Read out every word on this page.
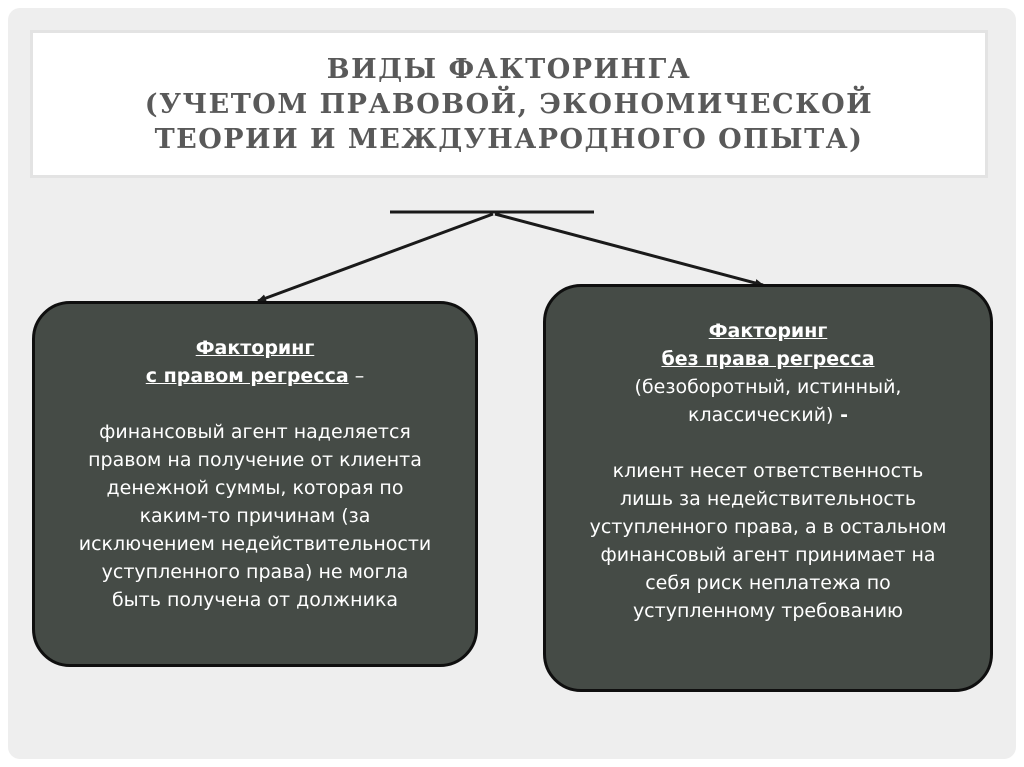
ВИДЫ ФАКТОРИНГА
(УЧЕТОМ ПРАВОВОЙ, ЭКОНОМИЧЕСКОЙ
ТЕОРИИ И МЕЖДУНАРОДНОГО ОПЫТА)
Факторинг
с правом регресса –
финансовый агент наделяется
правом на получение от клиента
денежной суммы, которая по
каким-то причинам (за
исключением недействительности
уступленного права) не могла
быть получена от должника
Факторинг
без права регресса
(безоборотный, истинный,
классический) -
клиент несет ответственность
лишь за недействительность
уступленного права, а в остальном
финансовый агент принимает на
себя риск неплатежа по
уступленному требованию
